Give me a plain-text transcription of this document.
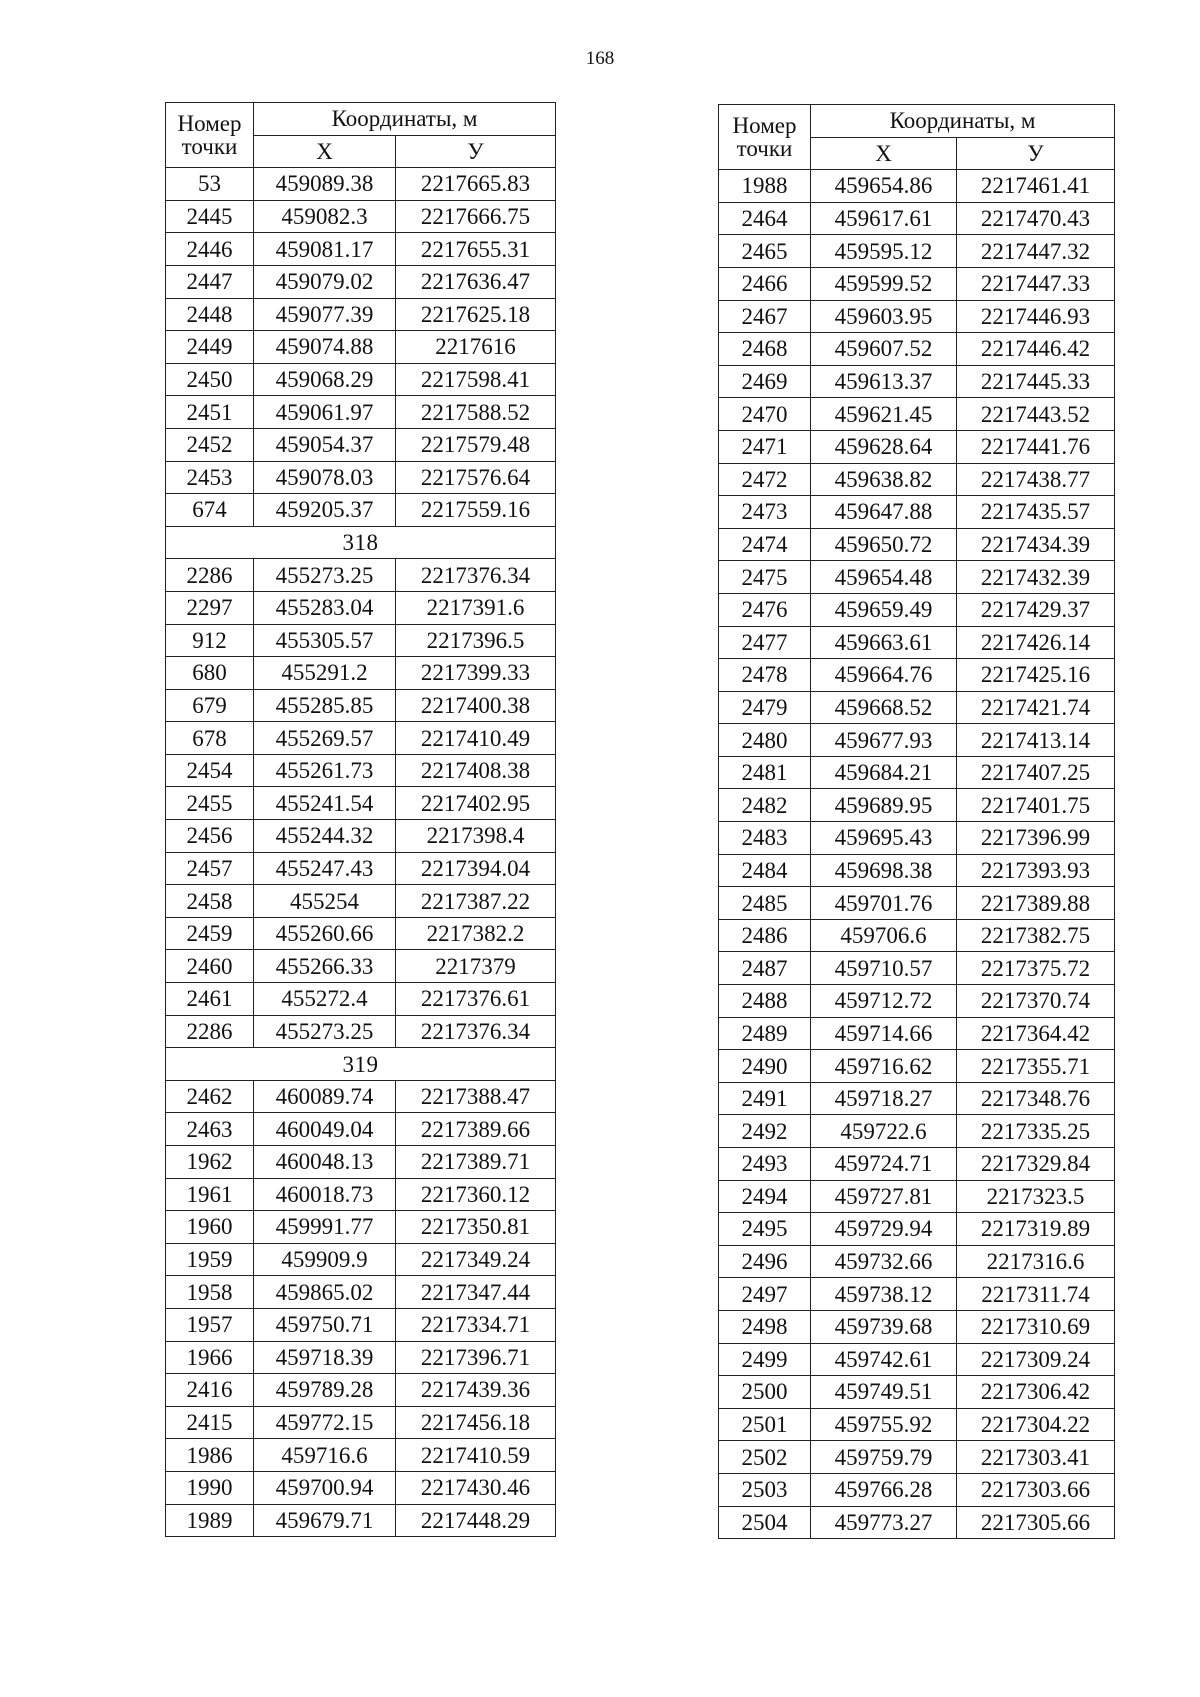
168
Номер
точки	Координаты, м	
	Х	У
53	459089.38	2217665.83
2445	459082.3	2217666.75
2446	459081.17	2217655.31
2447	459079.02	2217636.47
2448	459077.39	2217625.18
2449	459074.88	2217616
2450	459068.29	2217598.41
2451	459061.97	2217588.52
2452	459054.37	2217579.48
2453	459078.03	2217576.64
674	459205.37	2217559.16
318		
2286	455273.25	2217376.34
2297	455283.04	2217391.6
912	455305.57	2217396.5
680	455291.2	2217399.33
679	455285.85	2217400.38
678	455269.57	2217410.49
2454	455261.73	2217408.38
2455	455241.54	2217402.95
2456	455244.32	2217398.4
2457	455247.43	2217394.04
2458	455254	2217387.22
2459	455260.66	2217382.2
2460	455266.33	2217379
2461	455272.4	2217376.61
2286	455273.25	2217376.34
319		
2462	460089.74	2217388.47
2463	460049.04	2217389.66
1962	460048.13	2217389.71
1961	460018.73	2217360.12
1960	459991.77	2217350.81
1959	459909.9	2217349.24
1958	459865.02	2217347.44
1957	459750.71	2217334.71
1966	459718.39	2217396.71
2416	459789.28	2217439.36
2415	459772.15	2217456.18
1986	459716.6	2217410.59
1990	459700.94	2217430.46
1989	459679.71	2217448.29
Номер
точки	Координаты, м	
	Х	У
1988	459654.86	2217461.41
2464	459617.61	2217470.43
2465	459595.12	2217447.32
2466	459599.52	2217447.33
2467	459603.95	2217446.93
2468	459607.52	2217446.42
2469	459613.37	2217445.33
2470	459621.45	2217443.52
2471	459628.64	2217441.76
2472	459638.82	2217438.77
2473	459647.88	2217435.57
2474	459650.72	2217434.39
2475	459654.48	2217432.39
2476	459659.49	2217429.37
2477	459663.61	2217426.14
2478	459664.76	2217425.16
2479	459668.52	2217421.74
2480	459677.93	2217413.14
2481	459684.21	2217407.25
2482	459689.95	2217401.75
2483	459695.43	2217396.99
2484	459698.38	2217393.93
2485	459701.76	2217389.88
2486	459706.6	2217382.75
2487	459710.57	2217375.72
2488	459712.72	2217370.74
2489	459714.66	2217364.42
2490	459716.62	2217355.71
2491	459718.27	2217348.76
2492	459722.6	2217335.25
2493	459724.71	2217329.84
2494	459727.81	2217323.5
2495	459729.94	2217319.89
2496	459732.66	2217316.6
2497	459738.12	2217311.74
2498	459739.68	2217310.69
2499	459742.61	2217309.24
2500	459749.51	2217306.42
2501	459755.92	2217304.22
2502	459759.79	2217303.41
2503	459766.28	2217303.66
2504	459773.27	2217305.66
